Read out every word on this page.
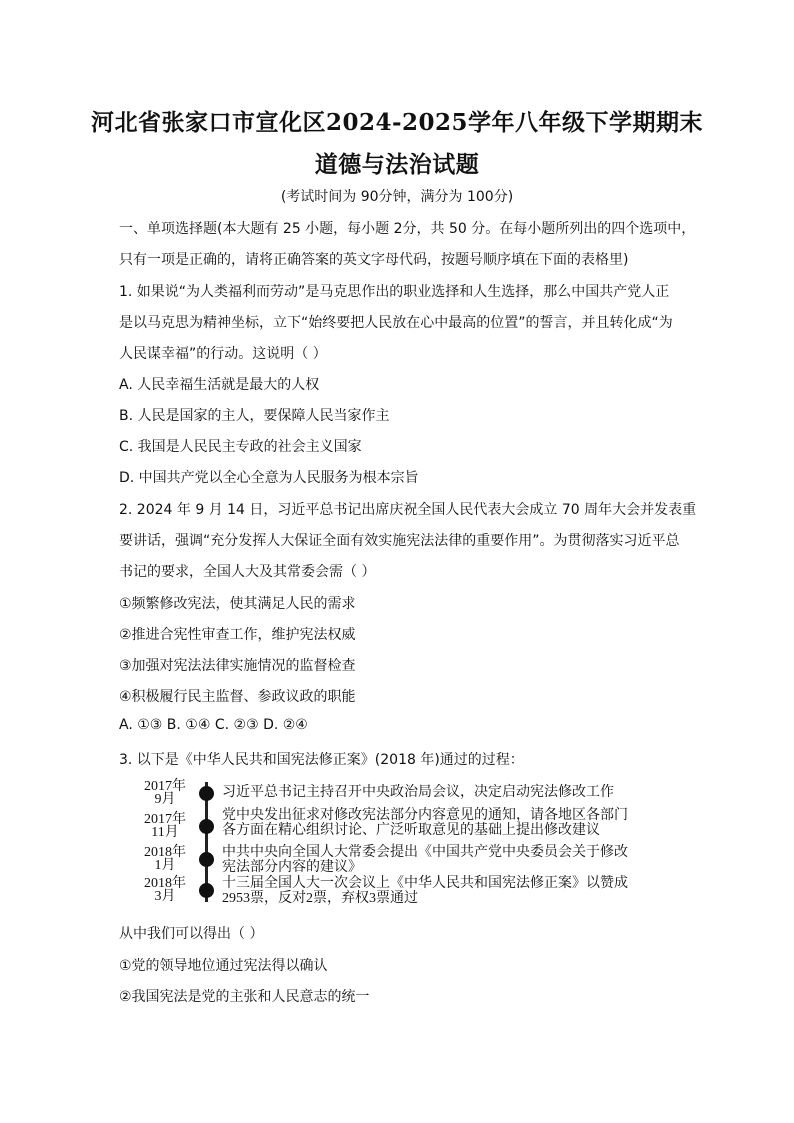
河北省张家口市宣化区2024-2025学年八年级下学期期末
道德与法治试题
(考试时间为 90分钟，满分为 100分)
一、单项选择题(本大题有 25 小题，每小题 2分，共 50 分。在每小题所列出的四个选项中，
只有一项是正确的，请将正确答案的英文字母代码，按题号顺序填在下面的表格里)
1. 如果说“为人类福利而劳动”是马克思作出的职业选择和人生选择，那么中国共产党人正
是以马克思为精神坐标，立下“始终要把人民放在心中最高的位置”的誓言，并且转化成“为
人民谋幸福”的行动。这说明（ ）
A. 人民幸福生活就是最大的人权
B. 人民是国家的主人，要保障人民当家作主
C. 我国是人民民主专政的社会主义国家
D. 中国共产党以全心全意为人民服务为根本宗旨
2. 2024 年 9 月 14 日，习近平总书记出席庆祝全国人民代表大会成立 70 周年大会并发表重
要讲话，强调“充分发挥人大保证全面有效实施宪法法律的重要作用”。为贯彻落实习近平总
书记的要求，全国人大及其常委会需（ ）
①频繁修改宪法，使其满足人民的需求
②推进合宪性审查工作，维护宪法权威
③加强对宪法法律实施情况的监督检查
④积极履行民主监督、参政议政的职能
A. ①③ B. ①④ C. ②③ D. ②④
3. 以下是《中华人民共和国宪法修正案》(2018 年)通过的过程：
2017年
9月	习近平总书记主持召开中央政治局会议，决定启动宪法修改工作
2017年
11月
党中央发出征求对修改宪法部分内容意见的通知，请各地区各部门
各方面在精心组织讨论、广泛听取意见的基础上提出修改建议
2018年
1月
中共中央向全国人大常委会提出《中国共产党中央委员会关于修改
宪法部分内容的建议》
2018年
3月
十三届全国人大一次会议上《中华人民共和国宪法修正案》以赞成
2953票，反对2票，弃权3票通过
从中我们可以得出（ ）
①党的领导地位通过宪法得以确认
②我国宪法是党的主张和人民意志的统一
